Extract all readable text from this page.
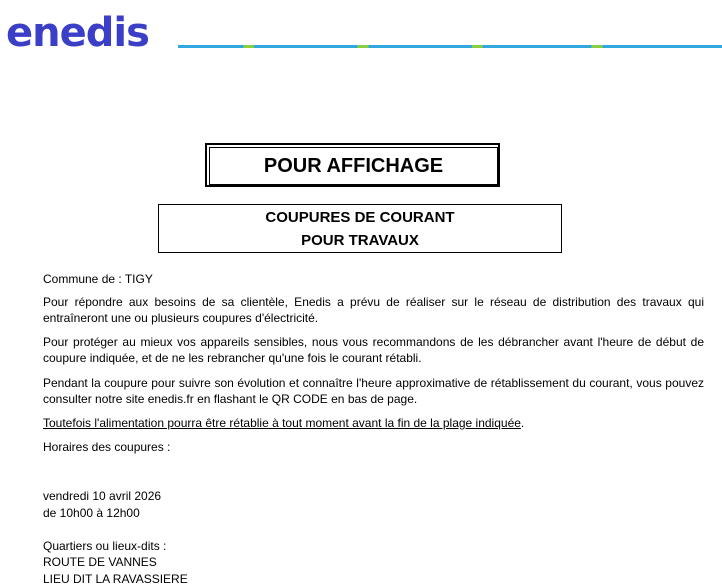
enedis
POUR AFFICHAGE
COUPURES DE COURANT
POUR TRAVAUX
Commune de : TIGY
Pour répondre aux besoins de sa clientèle, Enedis a prévu de réaliser sur le réseau de distribution des travaux qui entraîneront une ou plusieurs coupures d'électricité.
Pour protéger au mieux vos appareils sensibles, nous vous recommandons de les débrancher avant l'heure de début de coupure indiquée, et de ne les rebrancher qu'une fois le courant rétabli.
Pendant la coupure pour suivre son évolution et connaître l'heure approximative de rétablissement du courant, vous pouvez consulter notre site enedis.fr en flashant le QR CODE en bas de page.
Toutefois l'alimentation pourra être rétablie à tout moment avant la fin de la plage indiquée.
Horaires des coupures :
vendredi 10 avril 2026
de 10h00 à 12h00
Quartiers ou lieux-dits :
ROUTE DE VANNES
LIEU DIT LA RAVASSIERE
